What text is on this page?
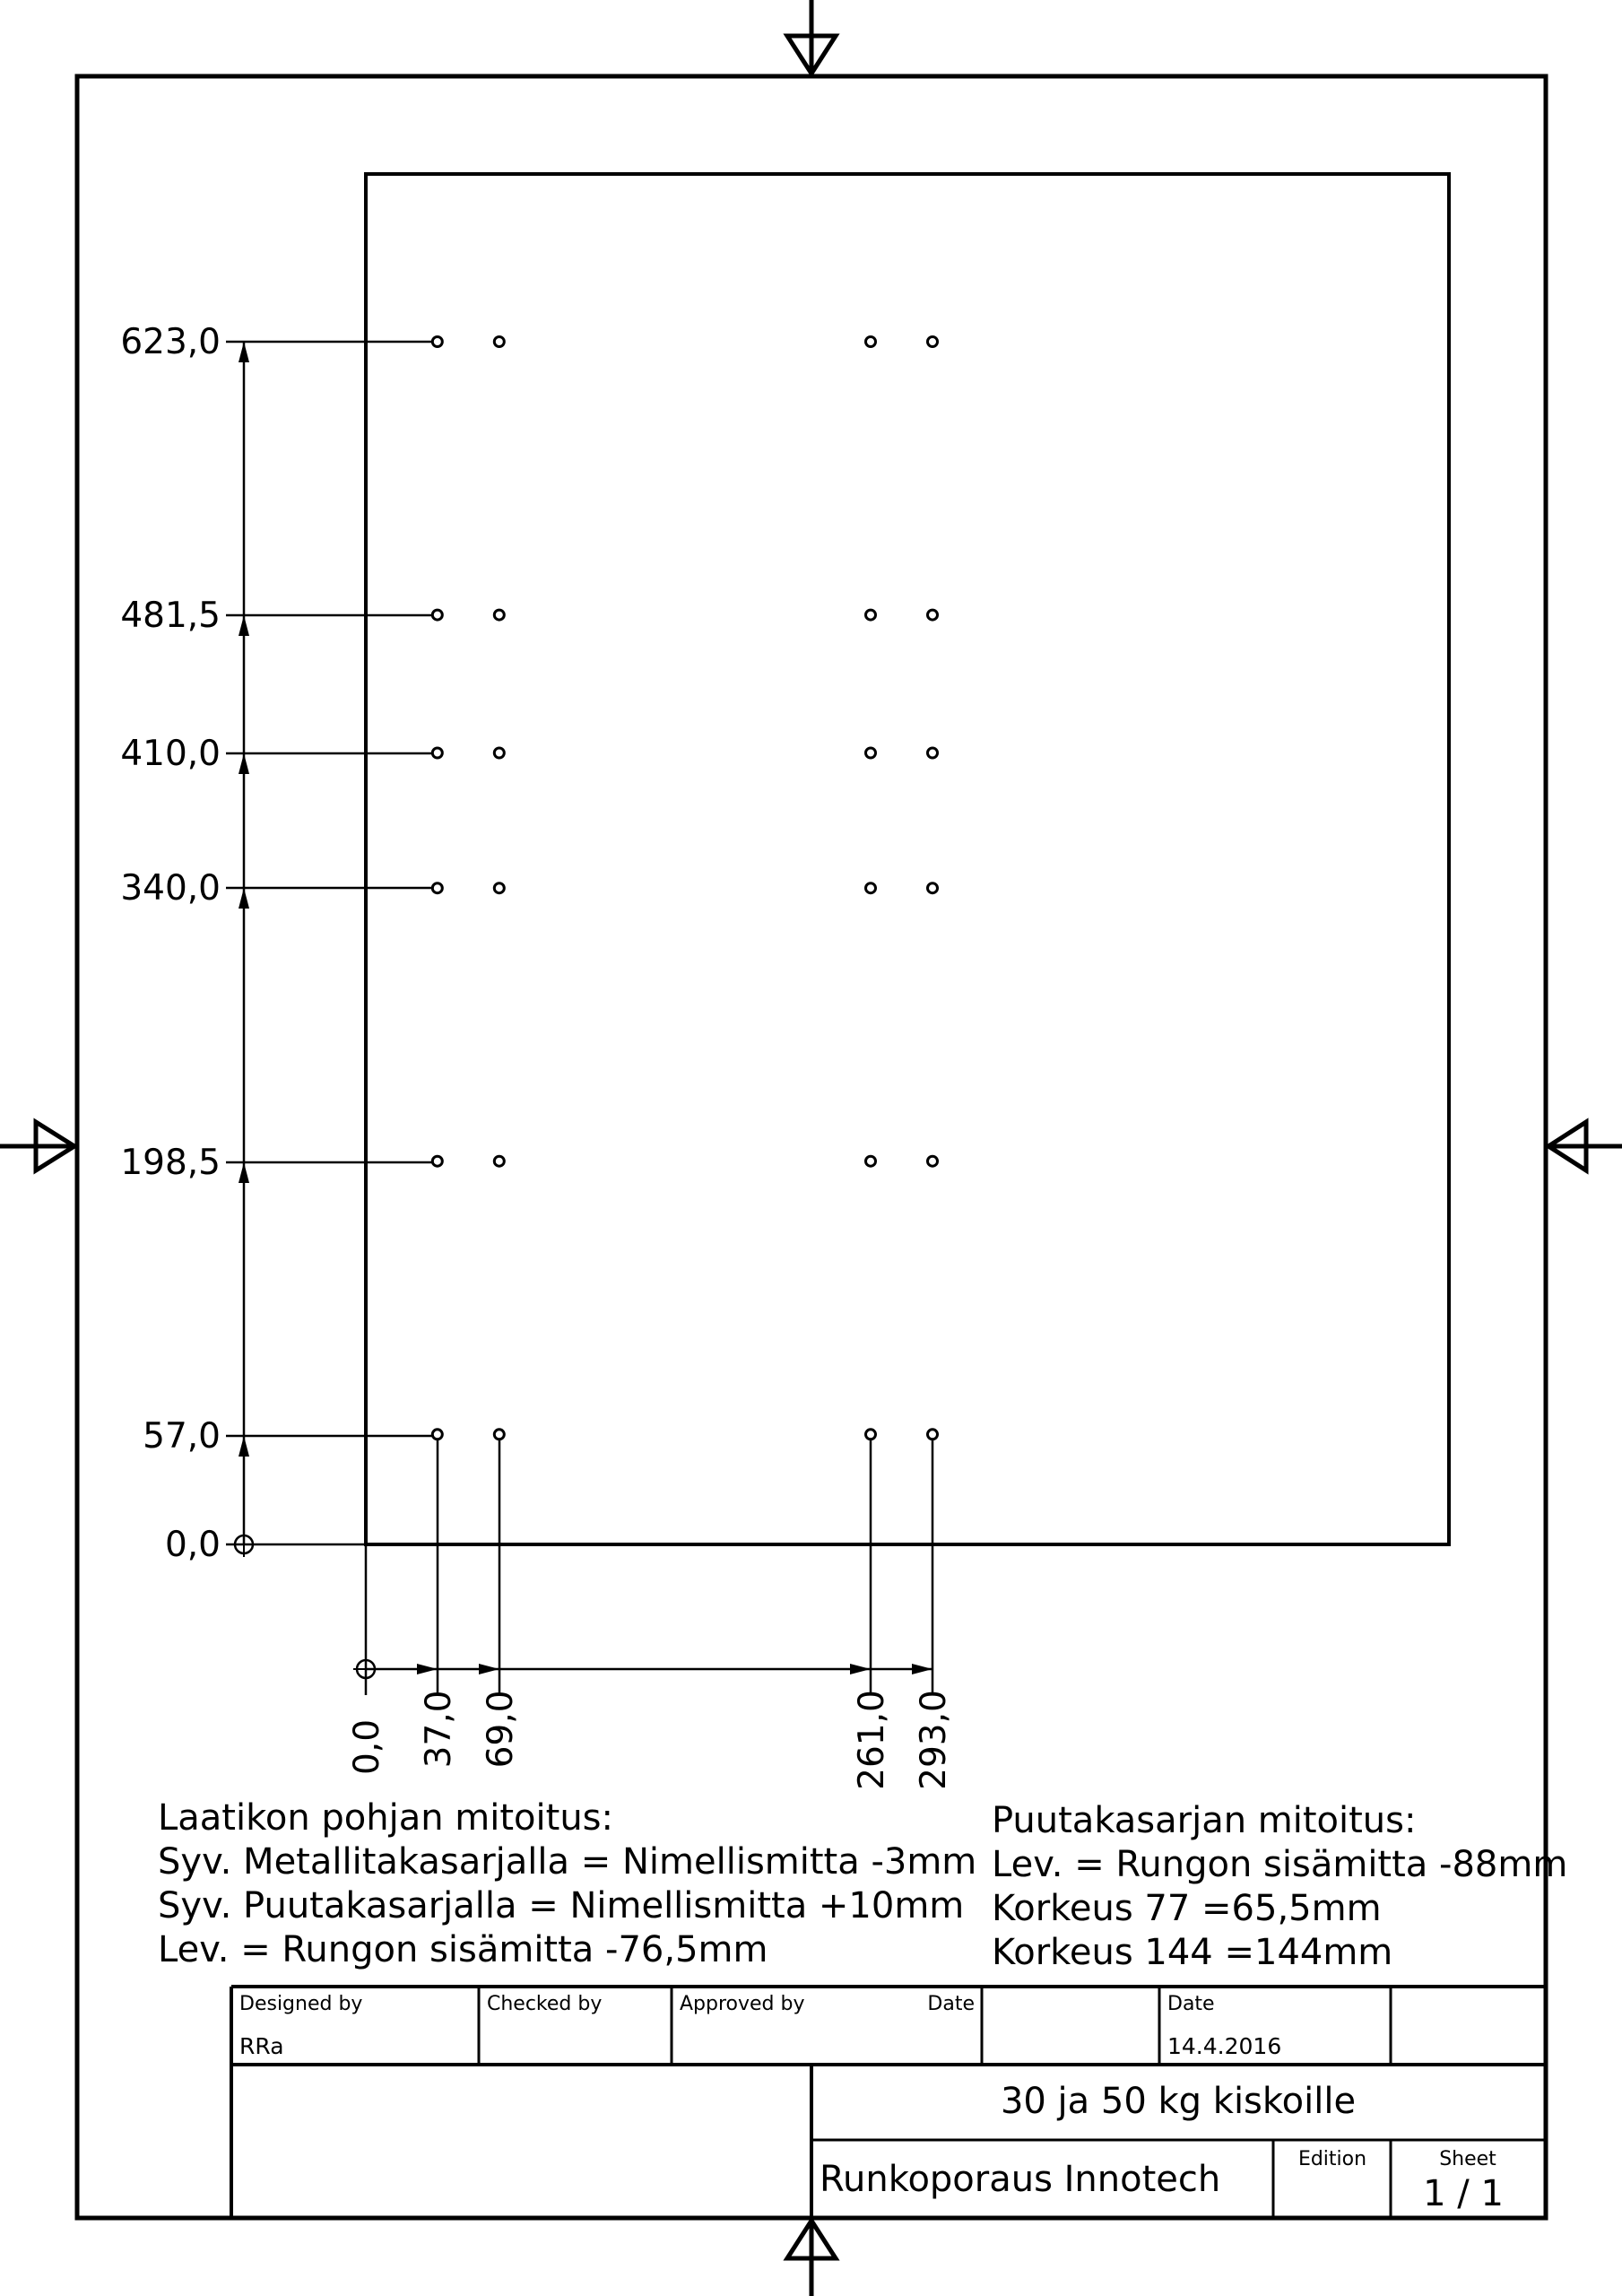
623,0
481,5
410,0
340,0
198,5
57,0
0,0
0,0 37,0 69,0	261,0 293,0
Laatikon pohjan mitoitus:
Syv. Metallitakasarjalla = Nimellismitta -3mm
Syv. Puutakasarjalla = Nimellismitta +10mm
Lev. = Rungon sisämitta -76,5mm
Puutakasarjan mitoitus:
Lev. = Rungon sisämitta -88mm
Korkeus 77 =65,5mm
Korkeus 144 =144mm
Designed by
RRa
Checked by	Approved by	Date	Date
14.4.2016
30 ja 50 kg kiskoille
Runkoporaus Innotech	Edition	Sheet
1 / 1
